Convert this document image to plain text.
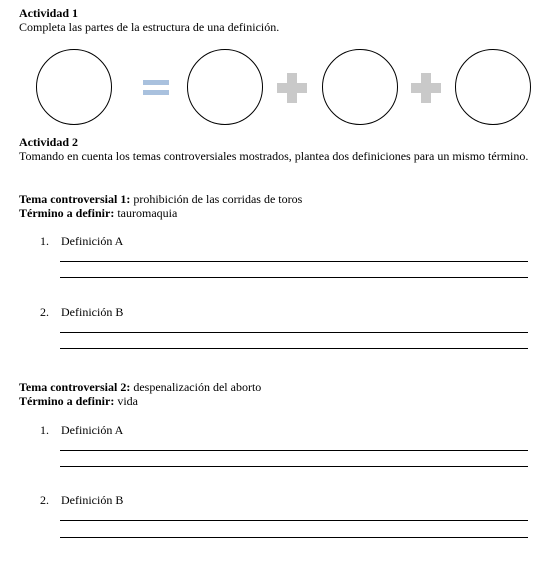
Actividad 1
Completa las partes de la estructura de una definición.
Actividad 2
Tomando en cuenta los temas controversiales mostrados, plantea dos definiciones para un mismo término.
Tema controversial 1: prohibición de las corridas de toros
Término a definir: tauromaquia
1.    Definición A
2.    Definición B
Tema controversial 2: despenalización del aborto
Término a definir: vida
1.    Definición A
2.    Definición B
